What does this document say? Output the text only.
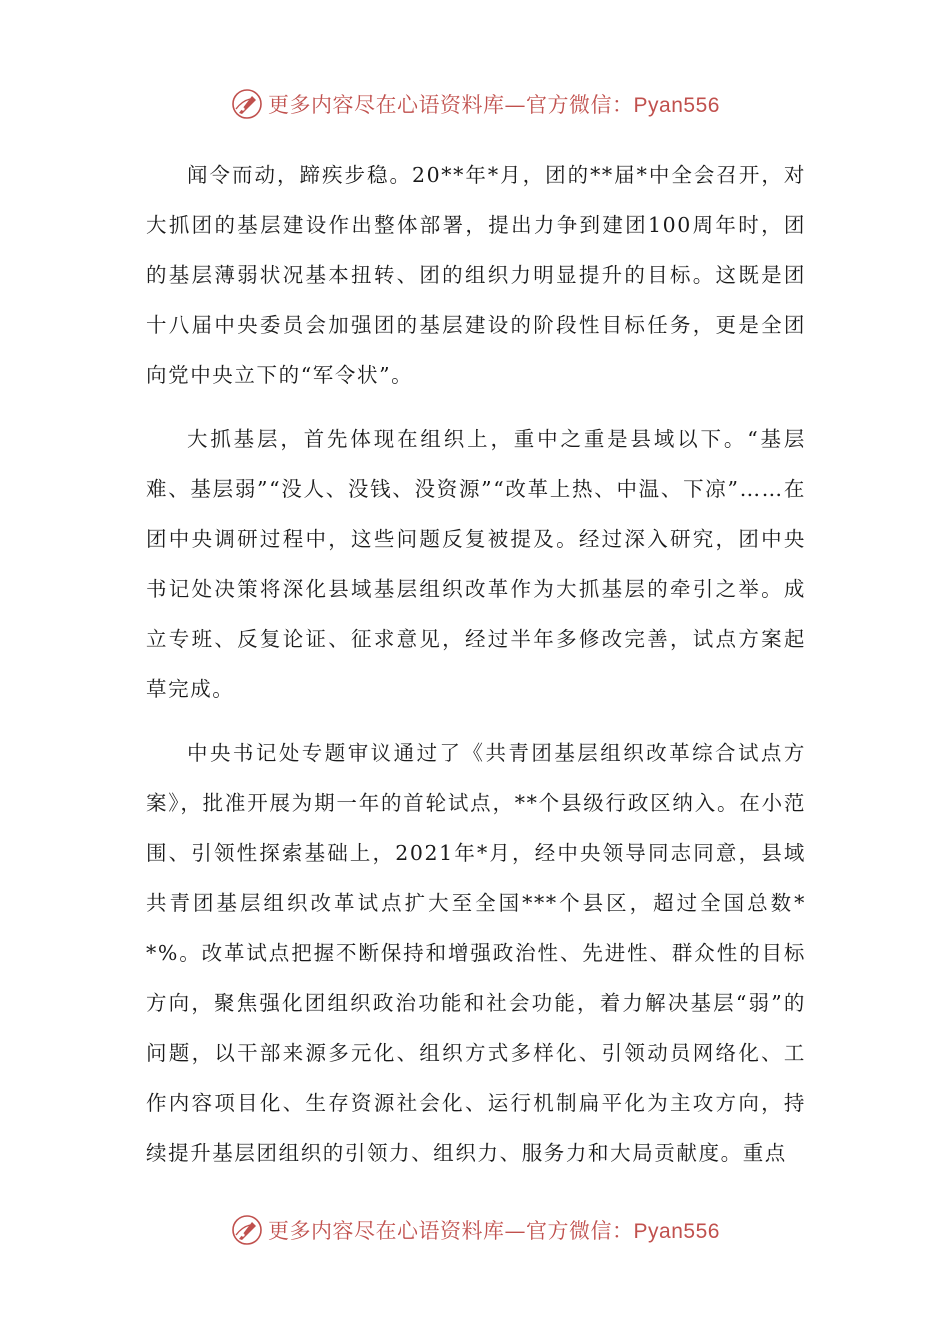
更多内容尽在心语资料库—官方微信：Pyan556

闻令而动，蹄疾步稳。20**年*月，团的**届*中全会召开，对大抓团的基层建设作出整体部署，提出力争到建团100周年时，团的基层薄弱状况基本扭转、团的组织力明显提升的目标。这既是团十八届中央委员会加强团的基层建设的阶段性目标任务，更是全团向党中央立下的“军令状”。

大抓基层，首先体现在组织上，重中之重是县域以下。“基层难、基层弱”“没人、没钱、没资源”“改革上热、中温、下凉”……在团中央调研过程中，这些问题反复被提及。经过深入研究，团中央书记处决策将深化县域基层组织改革作为大抓基层的牵引之举。成立专班、反复论证、征求意见，经过半年多修改完善，试点方案起草完成。

中央书记处专题审议通过了《共青团基层组织改革综合试点方案》，批准开展为期一年的首轮试点，**个县级行政区纳入。在小范围、引领性探索基础上，2021年*月，经中央领导同志同意，县域共青团基层组织改革试点扩大至全国***个县区，超过全国总数**%。改革试点把握不断保持和增强政治性、先进性、群众性的目标方向，聚焦强化团组织政治功能和社会功能，着力解决基层“弱”的问题，以干部来源多元化、组织方式多样化、引领动员网络化、工作内容项目化、生存资源社会化、运行机制扁平化为主攻方向，持续提升基层团组织的引领力、组织力、服务力和大局贡献度。重点

更多内容尽在心语资料库—官方微信：Pyan556
